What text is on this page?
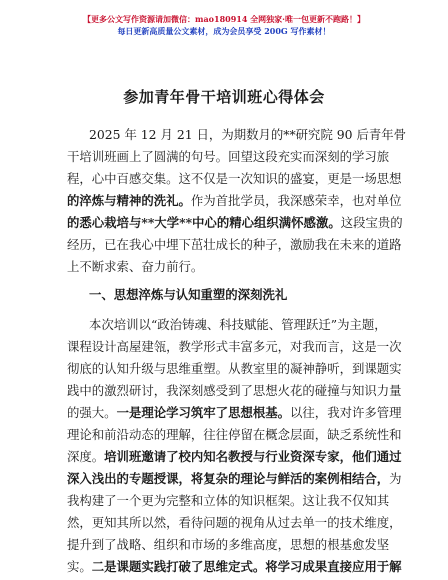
【更多公文写作资源请加微信：mao180914 全网独家·唯一包更新不跑路！】
每日更新高质量公文素材，成为会员享受 200G 写作素材！
参加青年骨干培训班心得体会
2025 年 12 月 21 日，为期数月的**研究院 90 后青年骨
干培训班画上了圆满的句号。回望这段充实而深刻的学习旅
程，心中百感交集。这不仅是一次知识的盛宴，更是一场思想
的淬炼与精神的洗礼。作为首批学员，我深感荣幸，也对单位
的悉心栽培与**大学**中心的精心组织满怀感激。这段宝贵的
经历，已在我心中埋下茁壮成长的种子，激励我在未来的道路
上不断求索、奋力前行。
一、思想淬炼与认知重塑的深刻洗礼
本次培训以“政治铸魂、科技赋能、管理跃迁”为主题，
课程设计高屋建瓴，教学形式丰富多元，对我而言，这是一次
彻底的认知升级与思维重塑。从教室里的凝神静听，到课题实
践中的激烈研讨，我深刻感受到了思想火花的碰撞与知识力量
的强大。一是理论学习筑牢了思想根基。以往，我对许多管理
理论和前沿动态的理解，往往停留在概念层面，缺乏系统性和
深度。培训班邀请了校内知名教授与行业资深专家，他们通过
深入浅出的专题授课，将复杂的理论与鲜活的案例相结合，为
我构建了一个更为完整和立体的知识框架。这让我不仅知其
然，更知其所以然，看待问题的视角从过去单一的技术维度，
提升到了战略、组织和市场的多维高度，思想的根基愈发坚
实。二是课题实践打破了思维定式。将学习成果直接应用于解
